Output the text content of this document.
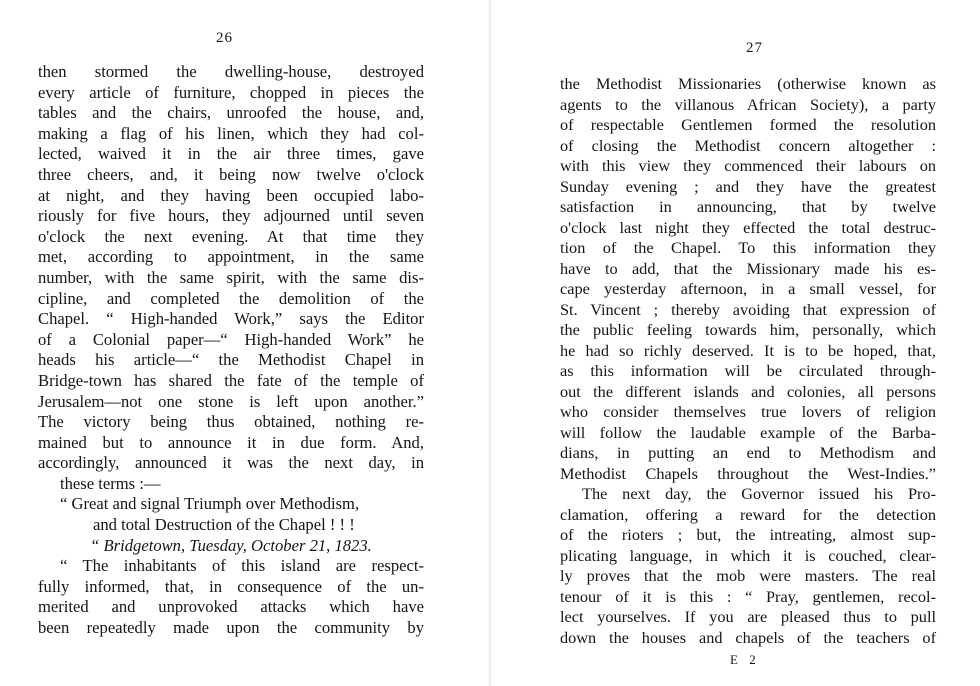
26
then stormed the dwelling-house, destroyed
every article of furniture, chopped in pieces the
tables and the chairs, unroofed the house, and,
making a flag of his linen, which they had col-
lected, waived it in the air three times, gave
three cheers, and, it being now twelve o'clock
at night, and they having been occupied labo-
riously for five hours, they adjourned until seven
o'clock the next evening. At that time they
met, according to appointment, in the same
number, with the same spirit, with the same dis-
cipline, and completed the demolition of the
Chapel. “ High-handed Work,” says the Editor
of a Colonial paper—“ High-handed Work” he
heads his article—“ the Methodist Chapel in
Bridge-town has shared the fate of the temple of
Jerusalem—not one stone is left upon another.”
The victory being thus obtained, nothing re-
mained but to announce it in due form. And,
accordingly, announced it was the next day, in
these terms :—
“ Great and signal Triumph over Methodism,
and total Destruction of the Chapel ! ! !
“ Bridgetown, Tuesday, October 21, 1823.
“ The inhabitants of this island are respect-
fully informed, that, in consequence of the un-
merited and unprovoked attacks which have
been repeatedly made upon the community by
27
the Methodist Missionaries (otherwise known as
agents to the villanous African Society), a party
of respectable Gentlemen formed the resolution
of closing the Methodist concern altogether :
with this view they commenced their labours on
Sunday evening ; and they have the greatest
satisfaction in announcing, that by twelve
o'clock last night they effected the total destruc-
tion of the Chapel. To this information they
have to add, that the Missionary made his es-
cape yesterday afternoon, in a small vessel, for
St. Vincent ; thereby avoiding that expression of
the public feeling towards him, personally, which
he had so richly deserved. It is to be hoped, that,
as this information will be circulated through-
out the different islands and colonies, all persons
who consider themselves true lovers of religion
will follow the laudable example of the Barba-
dians, in putting an end to Methodism and
Methodist Chapels throughout the West-Indies.”
The next day, the Governor issued his Pro-
clamation, offering a reward for the detection
of the rioters ; but, the intreating, almost sup-
plicating language, in which it is couched, clear-
ly proves that the mob were masters. The real
tenour of it is this : “ Pray, gentlemen, recol-
lect yourselves. If you are pleased thus to pull
down the houses and chapels of the teachers of
E 2
